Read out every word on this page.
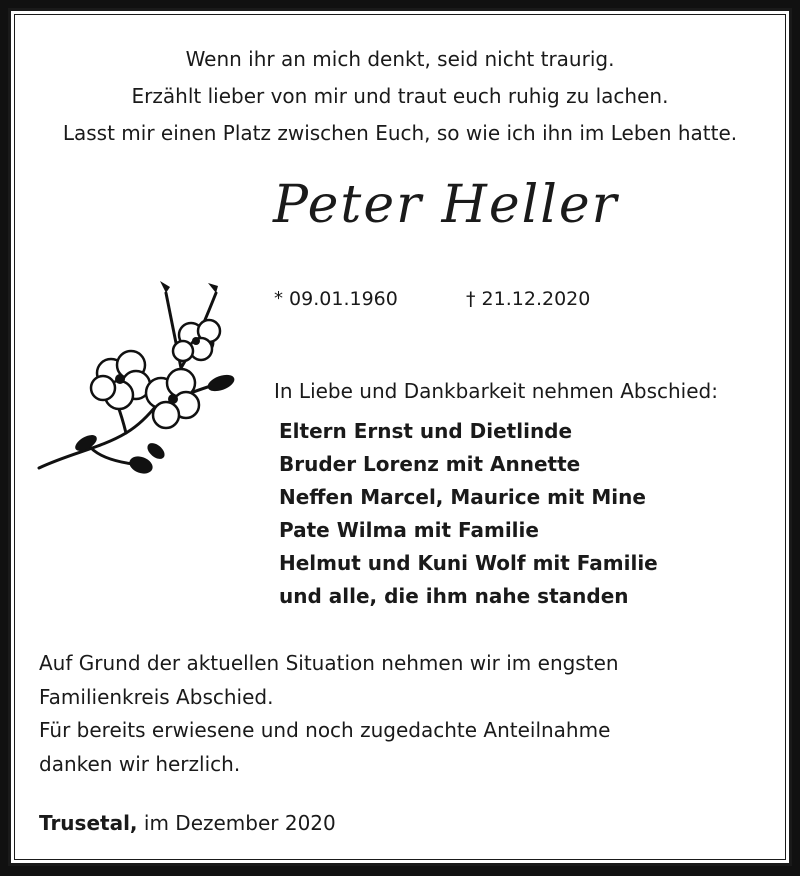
Wenn ihr an mich denkt, seid nicht traurig.
Erzählt lieber von mir und traut euch ruhig zu lachen.
Lasst mir einen Platz zwischen Euch, so wie ich ihn im Leben hatte.
Peter Heller
* 09.01.1960	† 21.12.2020
In Liebe und Dankbarkeit nehmen Abschied:
Eltern Ernst und Dietlinde
Bruder Lorenz mit Annette
Neffen Marcel, Maurice mit Mine
Pate Wilma mit Familie
Helmut und Kuni Wolf mit Familie
und alle, die ihm nahe standen
Auf Grund der aktuellen Situation nehmen wir im engsten
Familienkreis Abschied.
Für bereits erwiesene und noch zugedachte Anteilnahme
danken wir herzlich.
Trusetal, im Dezember 2020
